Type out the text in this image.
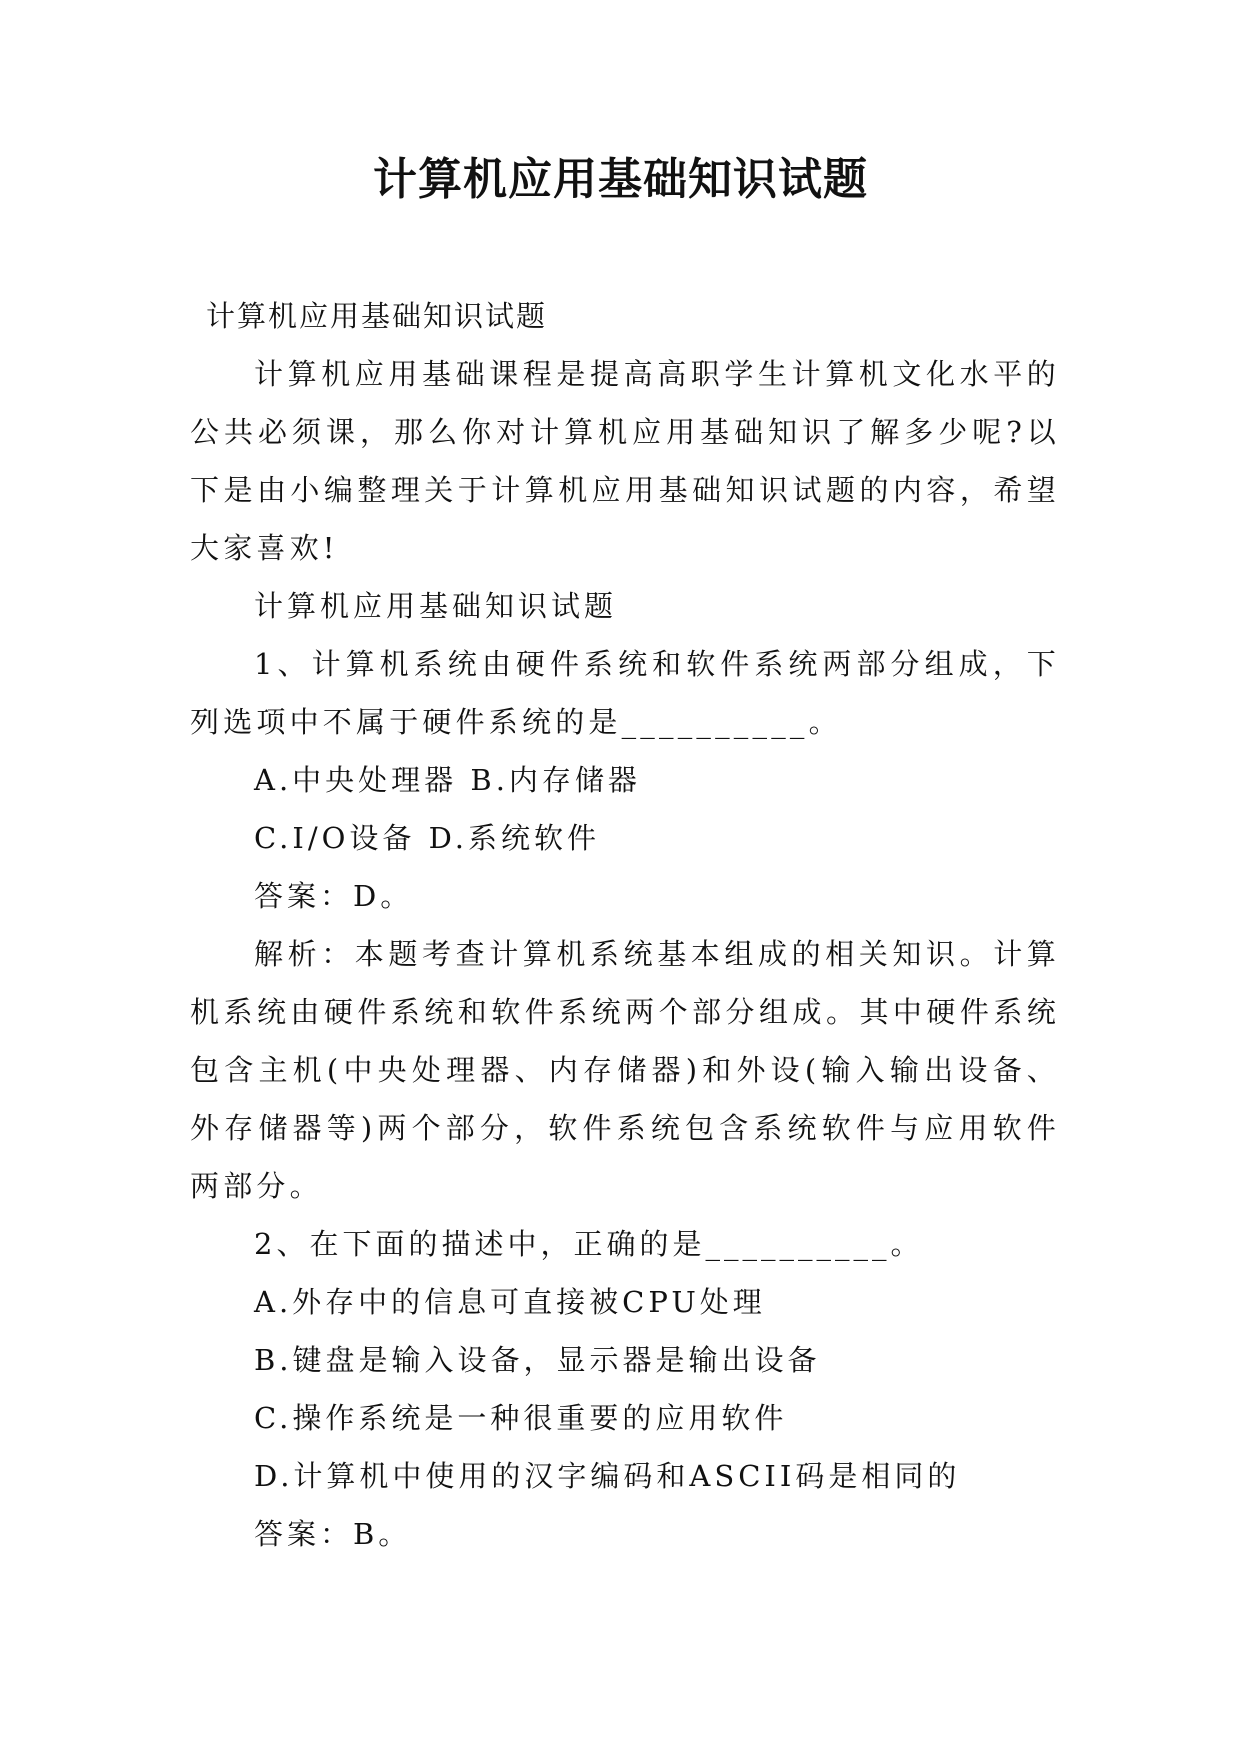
计算机应用基础知识试题

计算机应用基础知识试题

计算机应用基础课程是提高高职学生计算机文化水平的公共必须课，那么你对计算机应用基础知识了解多少呢?以下是由小编整理关于计算机应用基础知识试题的内容，希望大家喜欢!

计算机应用基础知识试题

1、计算机系统由硬件系统和软件系统两部分组成，下列选项中不属于硬件系统的是__________。

A.中央处理器 B.内存储器

C.I/O设备 D.系统软件

答案：D。

解析：本题考查计算机系统基本组成的相关知识。计算机系统由硬件系统和软件系统两个部分组成。其中硬件系统包含主机(中央处理器、内存储器)和外设(输入输出设备、外存储器等)两个部分，软件系统包含系统软件与应用软件两部分。

2、在下面的描述中，正确的是__________。

A.外存中的信息可直接被CPU处理

B.键盘是输入设备，显示器是输出设备

C.操作系统是一种很重要的应用软件

D.计算机中使用的汉字编码和ASCII码是相同的

答案：B。
